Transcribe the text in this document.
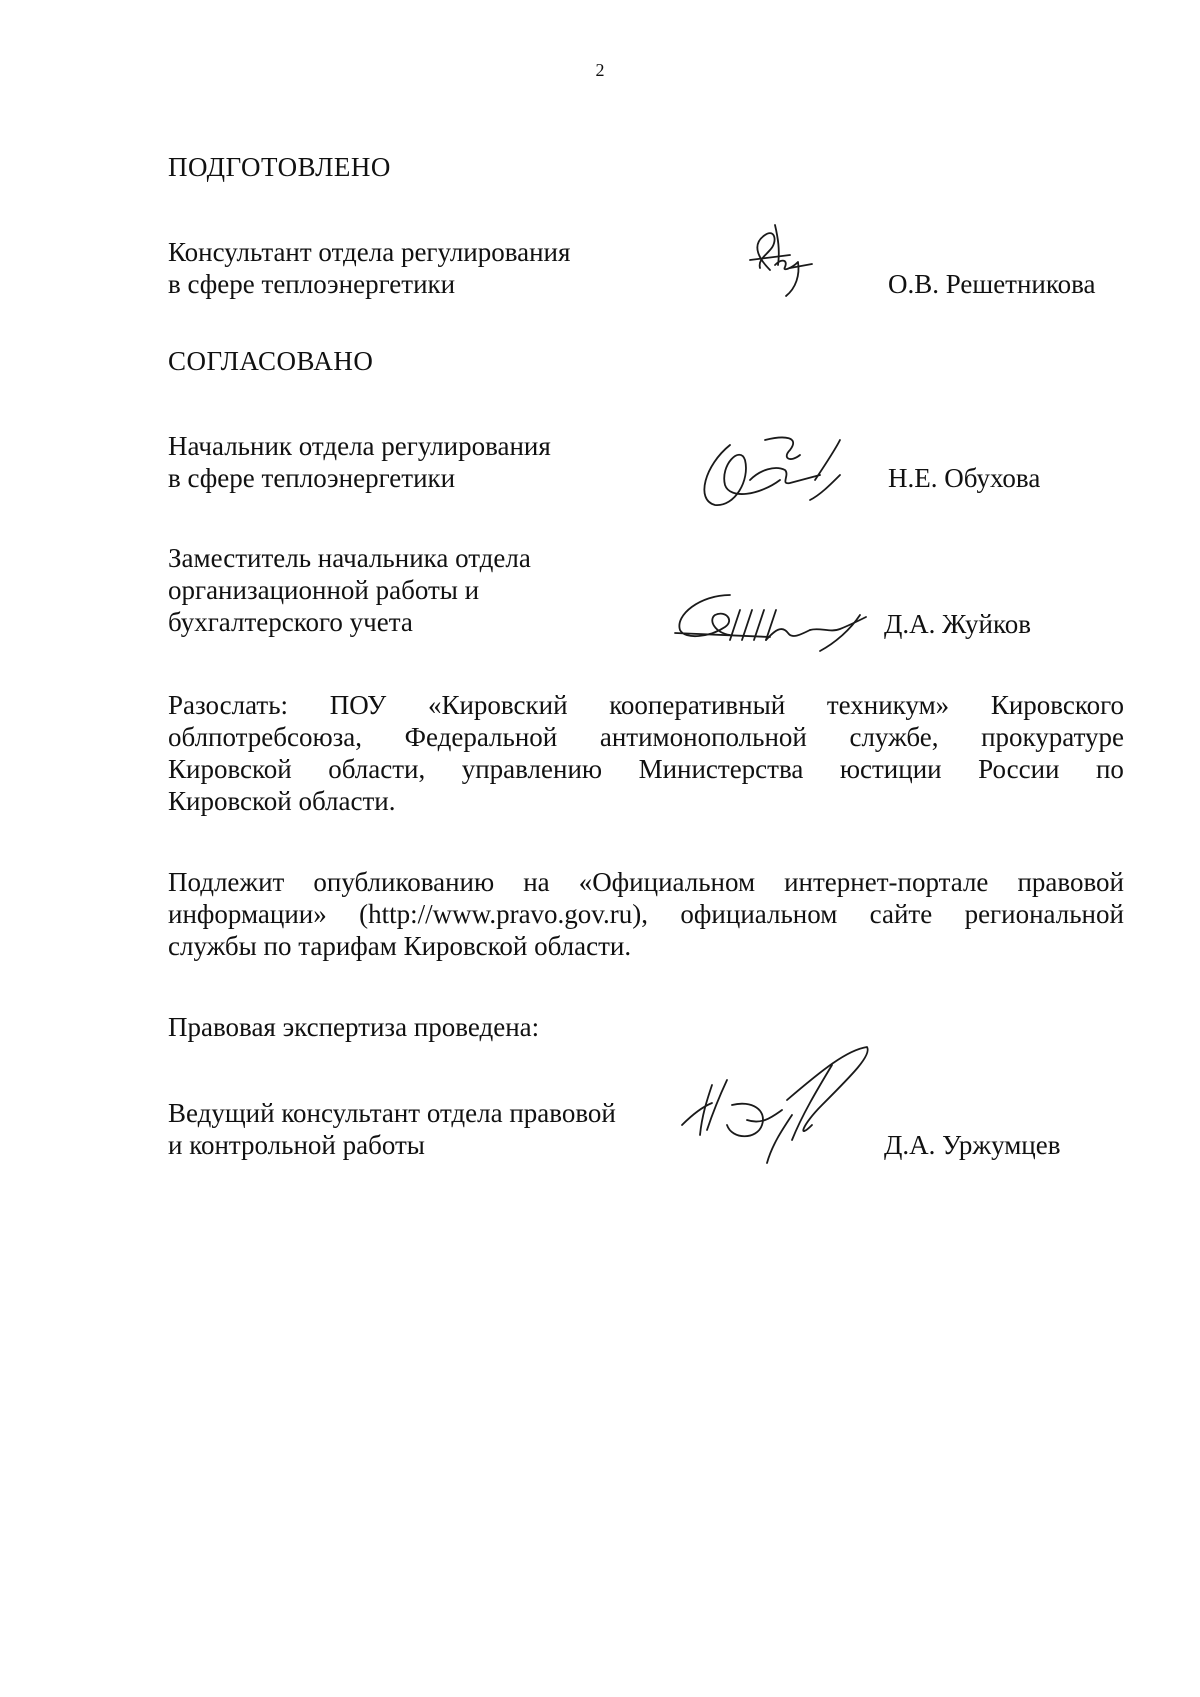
2
ПОДГОТОВЛЕНО
Консультант отдела регулирования
в сфере теплоэнергетики	О.В. Решетникова
СОГЛАСОВАНО
Начальник отдела регулирования
в сфере теплоэнергетики	Н.Е. Обухова
Заместитель начальника отдела
организационной работы и
бухгалтерского учета	Д.А. Жуйков
Разослать: ПОУ «Кировский кооперативный техникум» Кировского
облпотребсоюза, Федеральной антимонопольной службе, прокуратуре
Кировской области, управлению Министерства юстиции России по
Кировской области.
Подлежит опубликованию на «Официальном интернет-портале правовой
информации» (http://www.pravo.gov.ru), официальном сайте региональной
службы по тарифам Кировской области.
Правовая экспертиза проведена:
Ведущий консультант отдела правовой
и контрольной работы	Д.А. Уржумцев
